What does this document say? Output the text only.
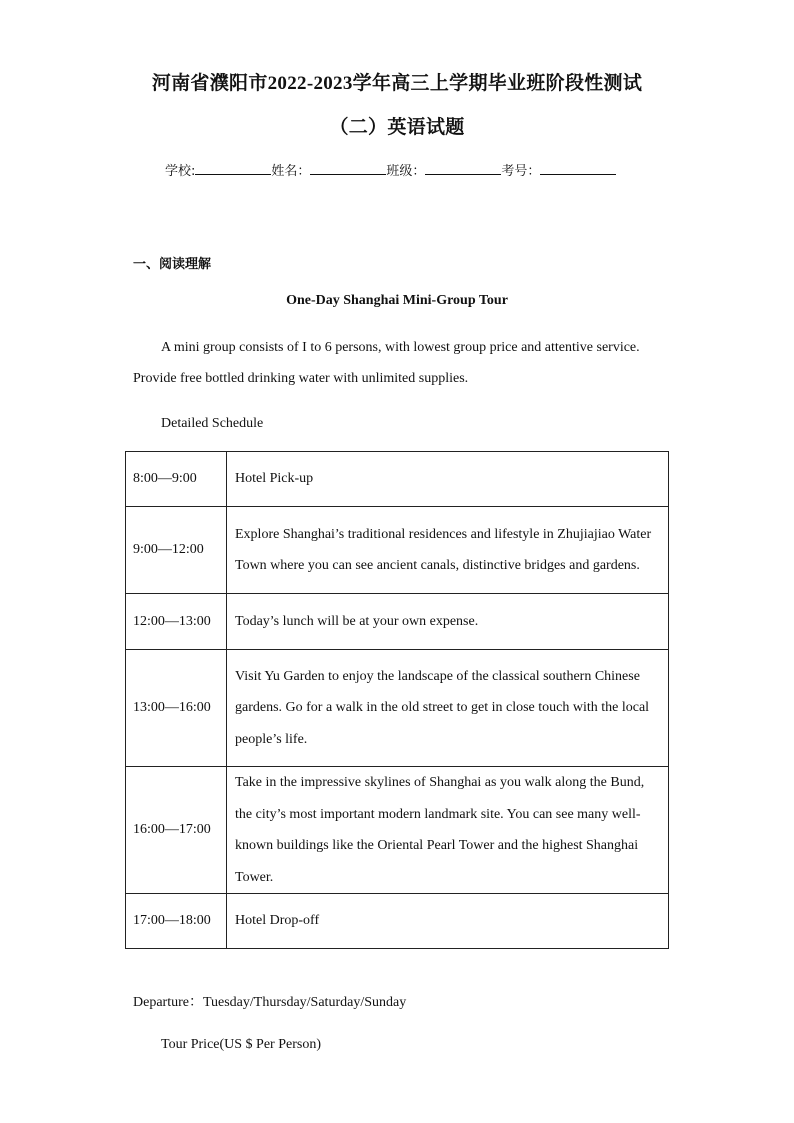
河南省濮阳市2022-2023学年高三上学期毕业班阶段性测试
（二）英语试题
学校:	姓名：	班级：	考号：
一、阅读理解
One-Day Shanghai Mini-Group Tour
A mini group consists of I to 6 persons, with lowest group price and attentive service. Provide free bottled drinking water with unlimited supplies.
Detailed Schedule
8:00—9:00	Hotel Pick-up
9:00—12:00	Explore Shanghai’s traditional residences and lifestyle in Zhujiajiao Water Town where you can see ancient canals, distinctive bridges and gardens.
12:00—13:00	Today’s lunch will be at your own expense.
13:00—16:00	Visit Yu Garden to enjoy the landscape of the classical southern Chinese gardens. Go for a walk in the old street to get in close touch with the local people’s life.
16:00—17:00	Take in the impressive skylines of Shanghai as you walk along the Bund, the city’s most important modern landmark site. You can see many well-known buildings like the Oriental Pearl Tower and the highest Shanghai Tower.
17:00—18:00	Hotel Drop-off
Departure：Tuesday/Thursday/Saturday/Sunday
Tour Price(US $ Per Person)
